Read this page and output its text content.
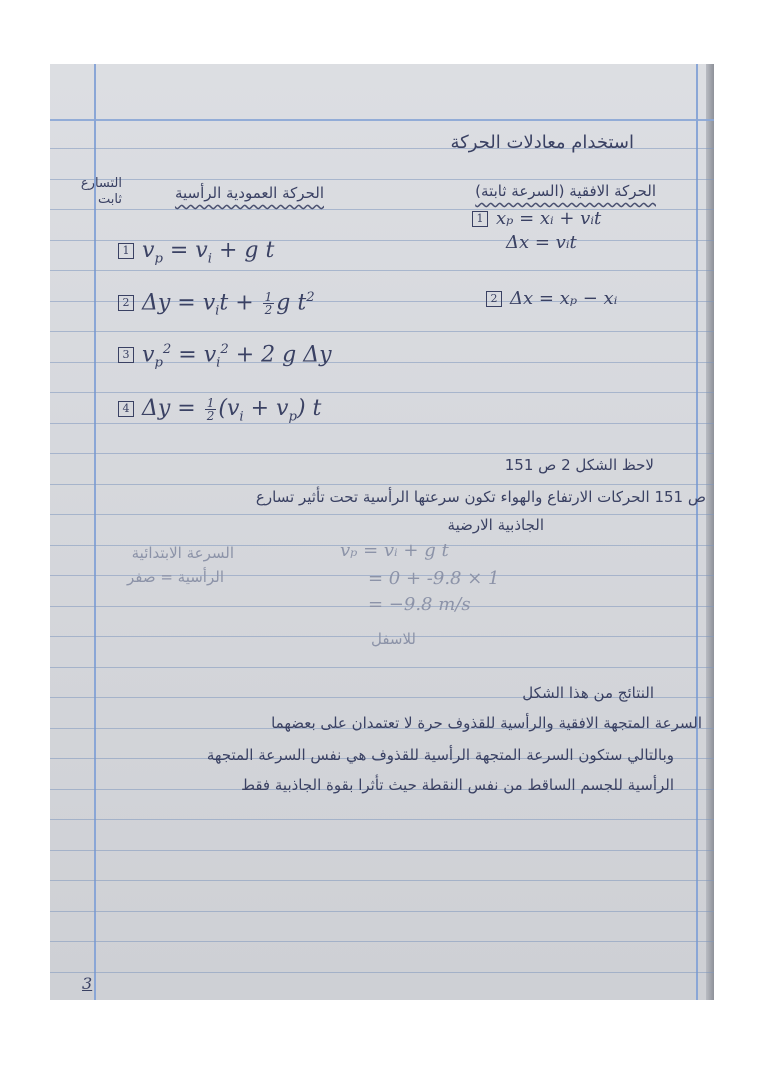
استخدام معادلات الحركة
الحركة العمودية الرأسية
التسارع ثابت	الحركة الافقية (السرعة ثابتة)
1 xₚ = xᵢ + vᵢt
Δx = vᵢt
2 Δx = xₚ − xᵢ
1 $v_p = v_i + g$ t
2 $\Delta y = v_it + \frac{1}{2}$ g $t^2$
3 $v_p^2 = v_i^2 + 2$ g Δy
4 $\Delta y = \frac{1}{2} (v_i + v_p)$ t
لاحظ الشكل 2 ص 151
ص 151 الحركات الارتفاع والهواء تكون سرعتها الرأسية تحت تأثير تسارع
الجاذبية الارضية
السرعة الابتدائية
الرأسية = صفر
vₚ = vᵢ + g t
= 0 + -9.8 × 1
= −9.8 m/s
للاسفل
النتائج من هذا الشكل
السرعة المتجهة الافقية والرأسية للقذوف حرة لا تعتمدان على بعضهما
وبالتالي ستكون السرعة المتجهة الرأسية للقذوف هي نفس السرعة المتجهة
الرأسية للجسم الساقط من نفس النقطة حيث تأثرا بقوة الجاذبية فقط
3
